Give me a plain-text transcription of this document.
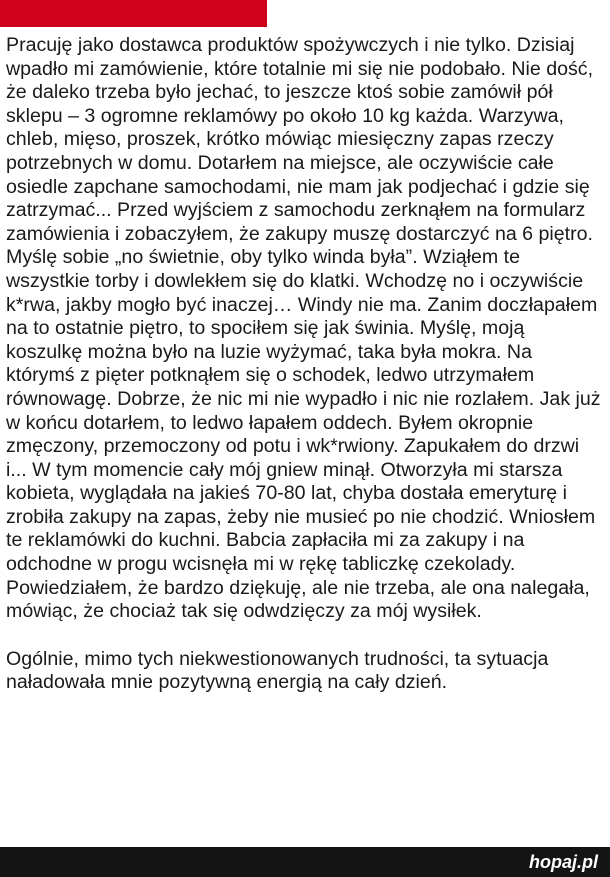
Pracuję jako dostawca produktów spożywczych i nie tylko. Dzisiaj wpadło mi zamówienie, które totalnie mi się nie podobało. Nie dość, że daleko trzeba było jechać, to jeszcze ktoś sobie zamówił pół sklepu – 3 ogromne reklamówy po około 10 kg każda. Warzywa, chleb, mięso, proszek, krótko mówiąc miesięczny zapas rzeczy potrzebnych w domu. Dotarłem na miejsce, ale oczywiście całe osiedle zapchane samochodami, nie mam jak podjechać i gdzie się zatrzymać... Przed wyjściem z samochodu zerknąłem na formularz zamówienia i zobaczyłem, że zakupy muszę dostarczyć na 6 piętro. Myślę sobie „no świetnie, oby tylko winda była”. Wziąłem te wszystkie torby i dowlekłem się do klatki. Wchodzę no i oczywiście k*rwa, jakby mogło być inaczej… Windy nie ma. Zanim doczłapałem na to ostatnie piętro, to spociłem się jak świnia. Myślę, moją koszulkę można było na luzie wyżymać, taka była mokra. Na którymś z pięter potknąłem się o schodek, ledwo utrzymałem równowagę. Dobrze, że nic mi nie wypadło i nic nie rozlałem. Jak już w końcu dotarłem, to ledwo łapałem oddech. Byłem okropnie zmęczony, przemoczony od potu i wk*rwiony. Zapukałem do drzwi i... W tym momencie cały mój gniew minął. Otworzyła mi starsza kobieta, wyglądała na jakieś 70-80 lat, chyba dostała emeryturę i zrobiła zakupy na zapas, żeby nie musieć po nie chodzić. Wniosłem te reklamówki do kuchni. Babcia zapłaciła mi za zakupy i na odchodne w progu wcisnęła mi w rękę tabliczkę czekolady. Powiedziałem, że bardzo dziękuję, ale nie trzeba, ale ona nalegała, mówiąc, że chociaż tak się odwdzięczy za mój wysiłek.

Ogólnie, mimo tych niekwestionowanych trudności, ta sytuacja naładowała mnie pozytywną energią na cały dzień.

hopaj.pl
